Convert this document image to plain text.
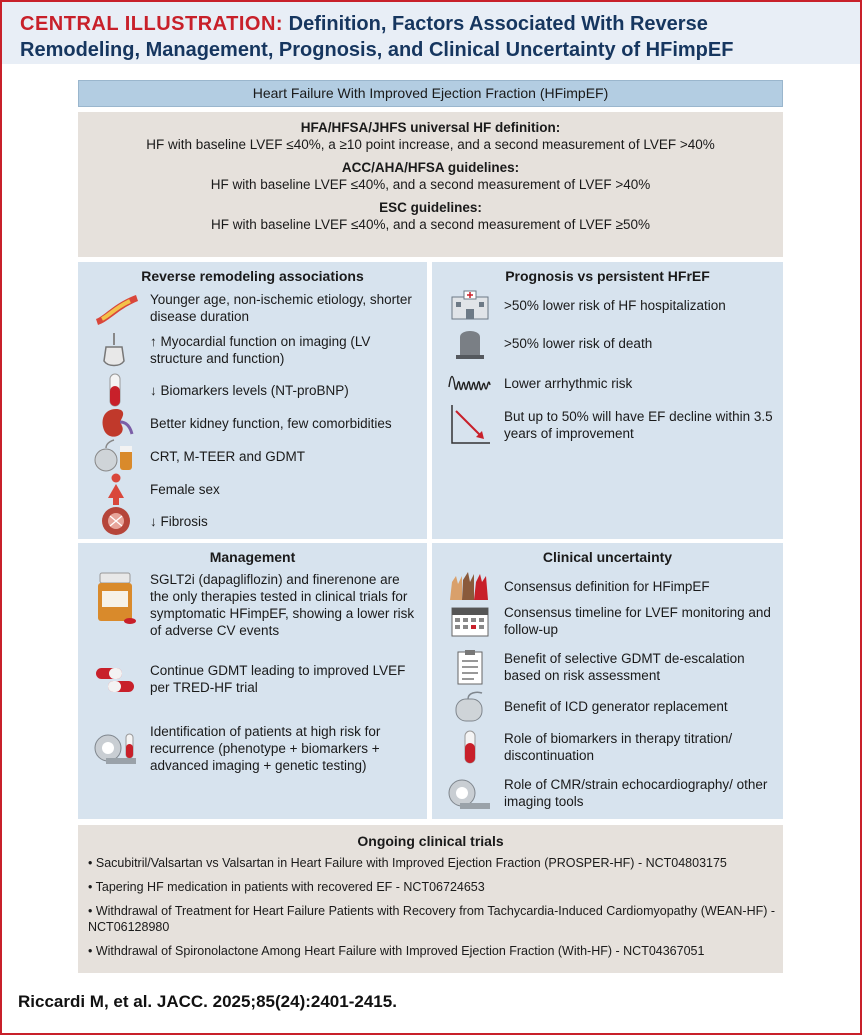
CENTRAL ILLUSTRATION: Definition, Factors Associated With Reverse
Remodeling, Management, Prognosis, and Clinical Uncertainty of HFimpEF
Heart Failure With Improved Ejection Fraction (HFimpEF)
HFA/HFSA/JHFS universal HF definition:
HF with baseline LVEF ≤40%, a ≥10 point increase, and a second measurement of LVEF >40%
ACC/AHA/HFSA guidelines:
HF with baseline LVEF ≤40%, and a second measurement of LVEF >40%
ESC guidelines:
HF with baseline LVEF ≤40%, and a second measurement of LVEF ≥50%
Reverse remodeling associations
Younger age, non-ischemic etiology, shorter disease duration
↑ Myocardial function on imaging (LV structure and function)
↓ Biomarkers levels (NT-proBNP)
Better kidney function, few comorbidities
CRT, M-TEER and GDMT
Female sex
↓ Fibrosis
Prognosis vs persistent HFrEF
>50% lower risk of HF hospitalization
>50% lower risk of death
Lower arrhythmic risk
But up to 50% will have EF decline within 3.5 years of improvement
Management
SGLT2i (dapagliflozin) and finerenone are the only therapies tested in clinical trials for symptomatic HFimpEF, showing a lower risk of adverse CV events
Continue GDMT leading to improved LVEF per TRED-HF trial
Identification of patients at high risk for recurrence (phenotype + biomarkers + advanced imaging + genetic testing)
Clinical uncertainty
Consensus definition for HFimpEF
Consensus timeline for LVEF monitoring and follow-up
Benefit of selective GDMT de-escalation based on risk assessment
Benefit of ICD generator replacement
Role of biomarkers in therapy titration/ discontinuation
Role of CMR/strain echocardiography/ other imaging tools
Ongoing clinical trials
• Sacubitril/Valsartan vs Valsartan in Heart Failure with Improved Ejection Fraction (PROSPER-HF) - NCT04803175
• Tapering HF medication in patients with recovered EF - NCT06724653
• Withdrawal of Treatment for Heart Failure Patients with Recovery from Tachycardia-Induced Cardiomyopathy (WEAN-HF) - NCT06128980
• Withdrawal of Spironolactone Among Heart Failure with Improved Ejection Fraction (With-HF) - NCT04367051
Riccardi M, et al. JACC. 2025;85(24):2401-2415.
